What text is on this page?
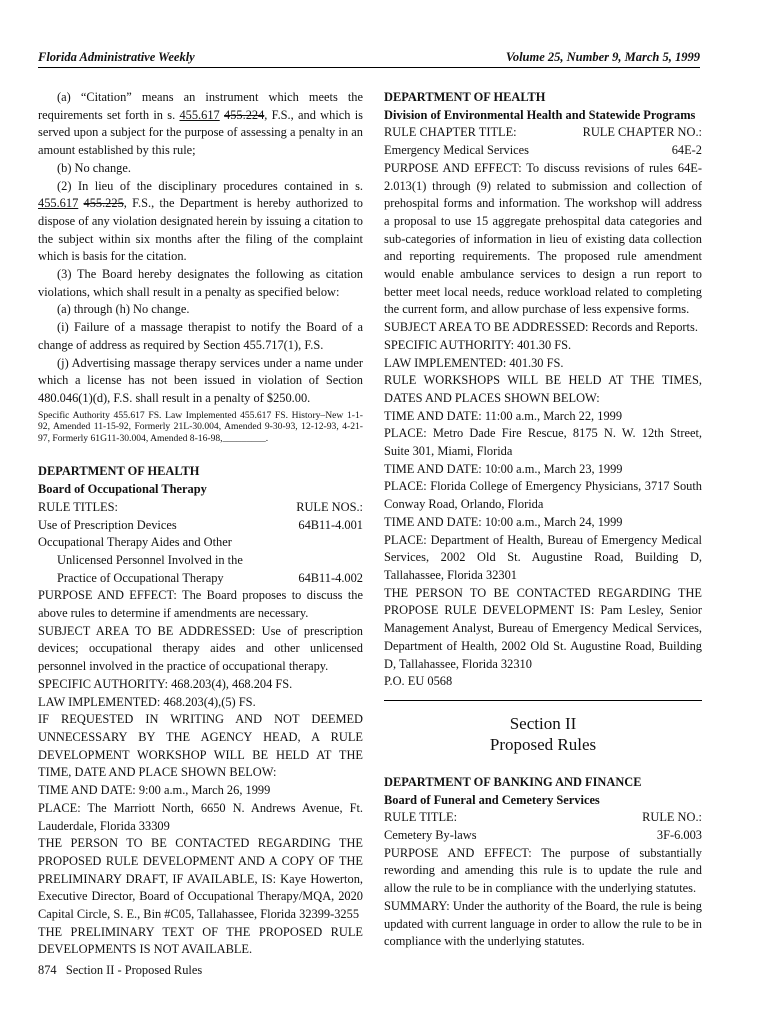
Florida Administrative Weekly	Volume 25, Number 9, March 5, 1999

(a) “Citation” means an instrument which meets the requirements set forth in s. 455.617 455.224, F.S., and which is served upon a subject for the purpose of assessing a penalty in an amount established by this rule;

(b) No change.

(2) In lieu of the disciplinary procedures contained in s. 455.617 455.225, F.S., the Department is hereby authorized to dispose of any violation designated herein by issuing a citation to the subject within six months after the filing of the complaint which is basis for the citation.

(3) The Board hereby designates the following as citation violations, which shall result in a penalty as specified below:

(a) through (h) No change.

(i) Failure of a massage therapist to notify the Board of a change of address as required by Section 455.717(1), F.S.

(j) Advertising massage therapy services under a name under which a license has not been issued in violation of Section 480.046(1)(d), F.S. shall result in a penalty of $250.00.

Specific Authority 455.617 FS. Law Implemented 455.617 FS. History–New 1-1-92, Amended 11-15-92, Formerly 21L-30.004, Amended 9-30-93, 12-12-93, 4-21-97, Formerly 61G11-30.004, Amended 8-16-98,_________.

DEPARTMENT OF HEALTH
Board of Occupational Therapy
RULE TITLES:	RULE NOS.:
Use of Prescription Devices	64B11-4.001
Occupational Therapy Aides and Other
Unlicensed Personnel Involved in the
Practice of Occupational Therapy	64B11-4.002

PURPOSE AND EFFECT: The Board proposes to discuss the above rules to determine if amendments are necessary.

SUBJECT AREA TO BE ADDRESSED: Use of prescription devices; occupational therapy aides and other unlicensed personnel involved in the practice of occupational therapy.

SPECIFIC AUTHORITY: 468.203(4), 468.204 FS.

LAW IMPLEMENTED: 468.203(4),(5) FS.

IF REQUESTED IN WRITING AND NOT DEEMED UNNECESSARY BY THE AGENCY HEAD, A RULE DEVELOPMENT WORKSHOP WILL BE HELD AT THE TIME, DATE AND PLACE SHOWN BELOW:

TIME AND DATE: 9:00 a.m., March 26, 1999

PLACE: The Marriott North, 6650 N. Andrews Avenue, Ft. Lauderdale, Florida 33309

THE PERSON TO BE CONTACTED REGARDING THE PROPOSED RULE DEVELOPMENT AND A COPY OF THE PRELIMINARY DRAFT, IF AVAILABLE, IS: Kaye Howerton, Executive Director, Board of Occupational Therapy/MQA, 2020 Capital Circle, S. E., Bin #C05, Tallahassee, Florida 32399-3255

THE PRELIMINARY TEXT OF THE PROPOSED RULE DEVELOPMENTS IS NOT AVAILABLE.

DEPARTMENT OF HEALTH
Division of Environmental Health and Statewide Programs
RULE CHAPTER TITLE:	RULE CHAPTER NO.:
Emergency Medical Services	64E-2

PURPOSE AND EFFECT: To discuss revisions of rules 64E-2.013(1) through (9) related to submission and collection of prehospital forms and information. The workshop will address a proposal to use 15 aggregate prehospital data categories and sub-categories of information in lieu of existing data collection and reporting requirements. The proposed rule amendment would enable ambulance services to design a run report to better meet local needs, reduce workload related to completing the current form, and allow purchase of less expensive forms.

SUBJECT AREA TO BE ADDRESSED: Records and Reports.

SPECIFIC AUTHORITY: 401.30 FS.

LAW IMPLEMENTED: 401.30 FS.

RULE WORKSHOPS WILL BE HELD AT THE TIMES, DATES AND PLACES SHOWN BELOW:

TIME AND DATE: 11:00 a.m., March 22, 1999

PLACE: Metro Dade Fire Rescue, 8175 N. W. 12th Street, Suite 301, Miami, Florida

TIME AND DATE: 10:00 a.m., March 23, 1999

PLACE: Florida College of Emergency Physicians, 3717 South Conway Road, Orlando, Florida

TIME AND DATE: 10:00 a.m., March 24, 1999

PLACE: Department of Health, Bureau of Emergency Medical Services, 2002 Old St. Augustine Road, Building D, Tallahassee, Florida 32301

THE PERSON TO BE CONTACTED REGARDING THE PROPOSE RULE DEVELOPMENT IS: Pam Lesley, Senior Management Analyst, Bureau of Emergency Medical Services, Department of Health, 2002 Old St. Augustine Road, Building D, Tallahassee, Florida 32310

P.O. EU 0568

Section II
Proposed Rules
DEPARTMENT OF BANKING AND FINANCE
Board of Funeral and Cemetery Services
RULE TITLE:	RULE NO.:
Cemetery By-laws	3F-6.003

PURPOSE AND EFFECT: The purpose of substantially rewording and amending this rule is to update the rule and allow the rule to be in compliance with the underlying statutes.

SUMMARY: Under the authority of the Board, the rule is being updated with current language in order to allow the rule to be in compliance with the underlying statutes.

874   Section II - Proposed Rules
